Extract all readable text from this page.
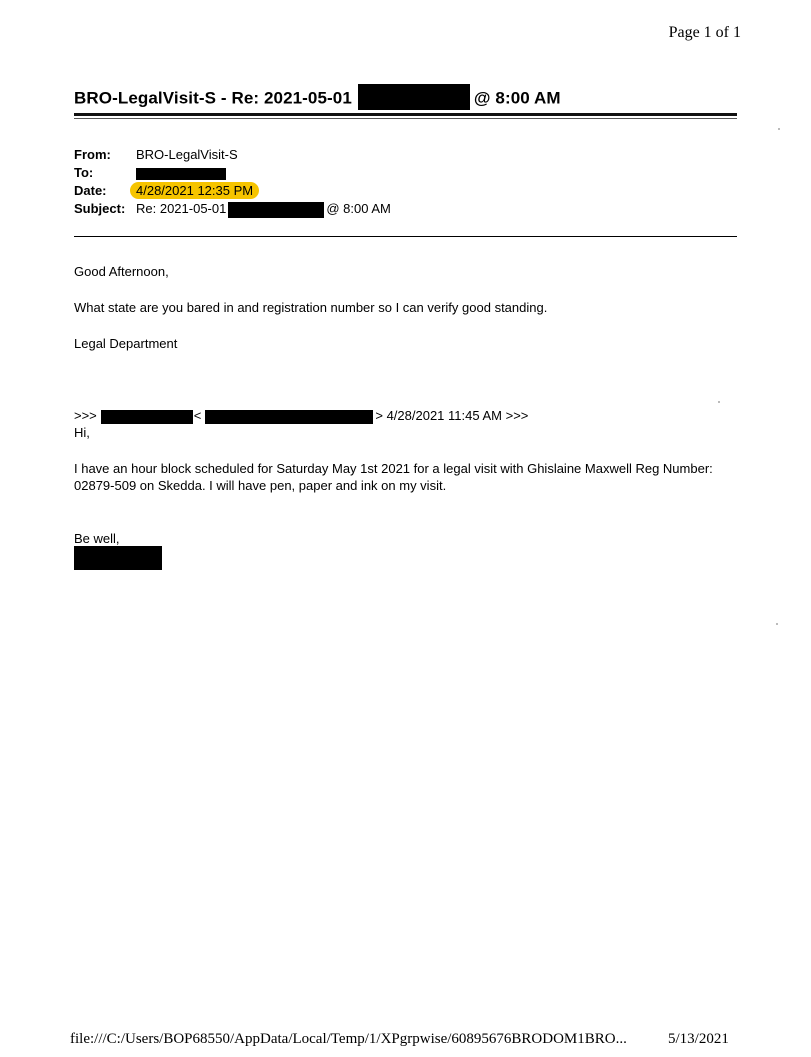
Page 1 of 1
BRO-LegalVisit-S - Re: 2021-05-01	@ 8:00 AM
From: BRO-LegalVisit-S
To:
Date: 4/28/2021 12:35 PM
Subject: Re: 2021-05-01	@ 8:00 AM
Good Afternoon,
What state are you bared in and registration number so I can verify good standing.
Legal Department
>>>	<	> 4/28/2021 11:45 AM >>>
Hi,
I have an hour block scheduled for Saturday May 1st 2021 for a legal visit with Ghislaine Maxwell Reg Number: 02879-509 on Skedda. I will have pen, paper and ink on my visit.
Be well,
file:///C:/Users/BOP68550/AppData/Local/Temp/1/XPgrpwise/60895676BRODOM1BRO...	5/13/2021
